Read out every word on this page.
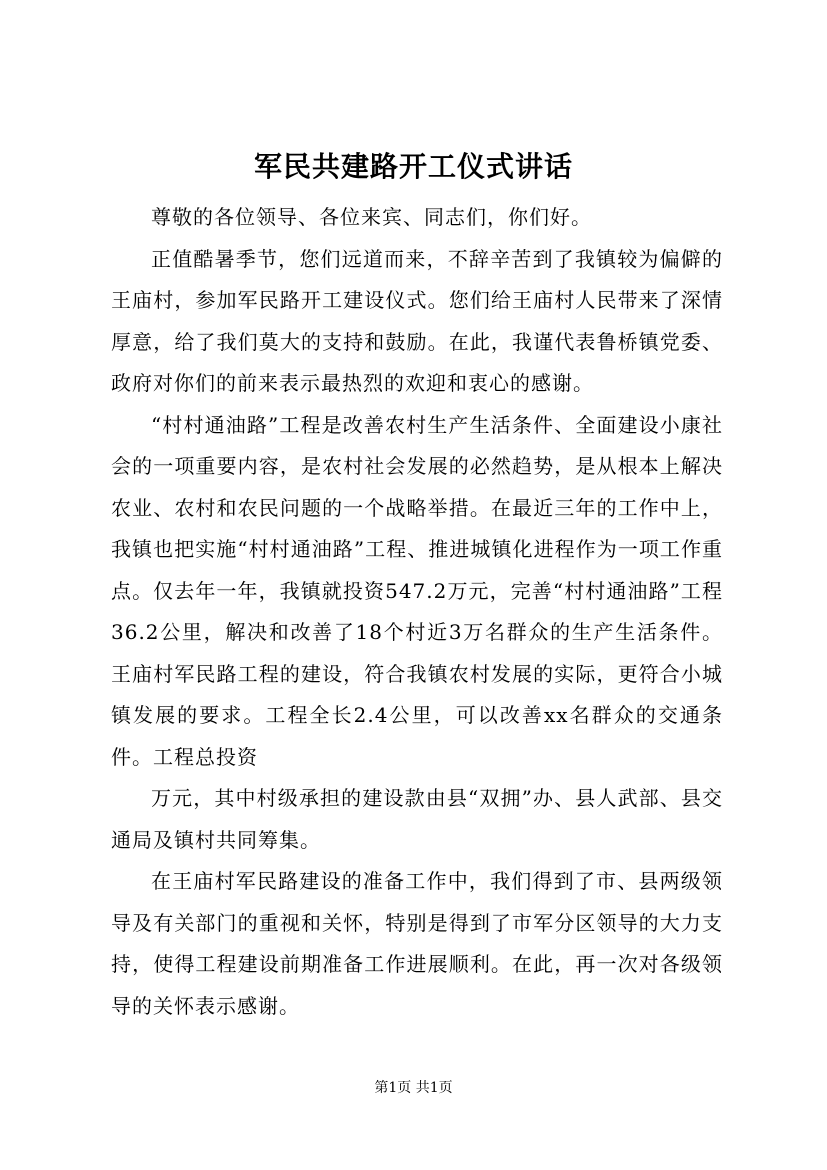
军民共建路开工仪式讲话

尊敬的各位领导、各位来宾、同志们，你们好。

正值酷暑季节，您们远道而来，不辞辛苦到了我镇较为偏僻的王庙村，参加军民路开工建设仪式。您们给王庙村人民带来了深情厚意，给了我们莫大的支持和鼓励。在此，我谨代表鲁桥镇党委、政府对你们的前来表示最热烈的欢迎和衷心的感谢。

“村村通油路”工程是改善农村生产生活条件、全面建设小康社会的一项重要内容，是农村社会发展的必然趋势，是从根本上解决农业、农村和农民问题的一个战略举措。在最近三年的工作中上，我镇也把实施“村村通油路”工程、推进城镇化进程作为一项工作重点。仅去年一年，我镇就投资547.2万元，完善“村村通油路”工程36.2公里，解决和改善了18个村近3万名群众的生产生活条件。王庙村军民路工程的建设，符合我镇农村发展的实际，更符合小城镇发展的要求。工程全长2.4公里，可以改善xx名群众的交通条件。工程总投资

万元，其中村级承担的建设款由县“双拥”办、县人武部、县交通局及镇村共同筹集。

在王庙村军民路建设的准备工作中，我们得到了市、县两级领导及有关部门的重视和关怀，特别是得到了市军分区领导的大力支持，使得工程建设前期准备工作进展顺利。在此，再一次对各级领导的关怀表示感谢。

第1页 共1页
